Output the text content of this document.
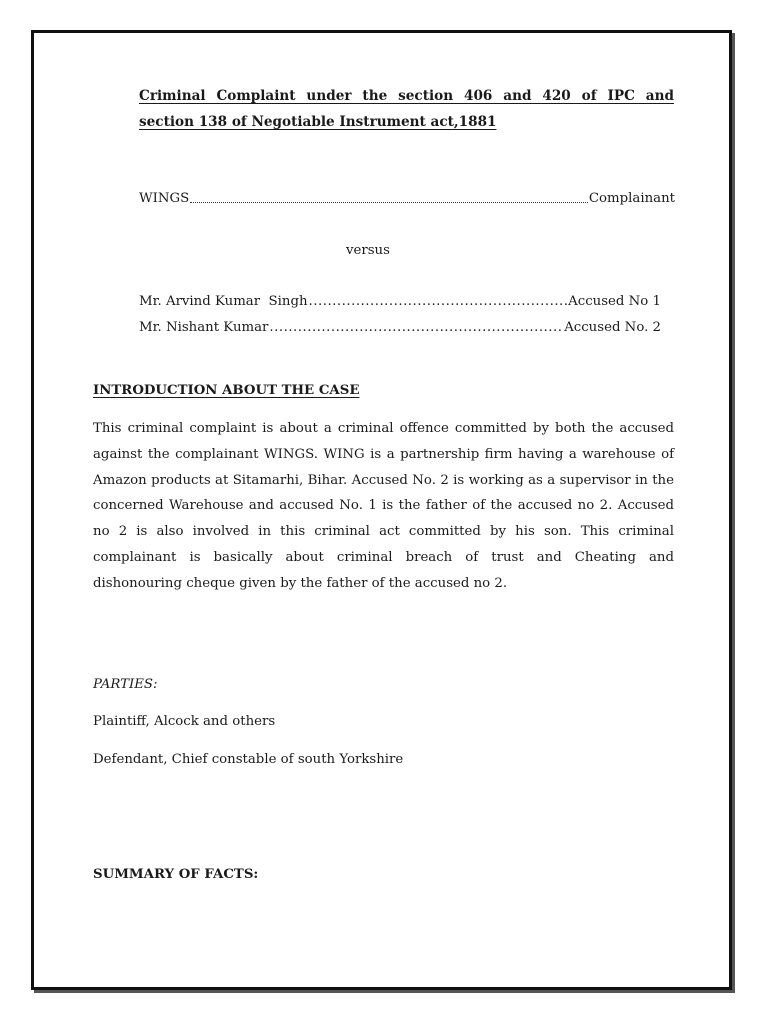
Criminal Complaint under the section 406 and 420 of IPC and
section 138 of Negotiable Instrument act,1881
WINGS	Complainant
versus
Mr. Arvind Kumar  Singh .....	Accused No 1
Mr. Nishant Kumar .....	Accused No. 2
INTRODUCTION ABOUT THE CASE

This criminal complaint is about a criminal offence committed by both the accused against the complainant WINGS. WING is a partnership firm having a warehouse of Amazon products at Sitamarhi, Bihar. Accused No. 2 is working as a supervisor in the concerned Warehouse and accused No. 1 is the father of the accused no 2. Accused no 2 is also involved in this criminal act committed by his son. This criminal complainant is basically about criminal breach of trust and Cheating and dishonouring cheque given by the father of the accused no 2.

PARTIES:
Plaintiff, Alcock and others
Defendant, Chief constable of south Yorkshire
SUMMARY OF FACTS:
